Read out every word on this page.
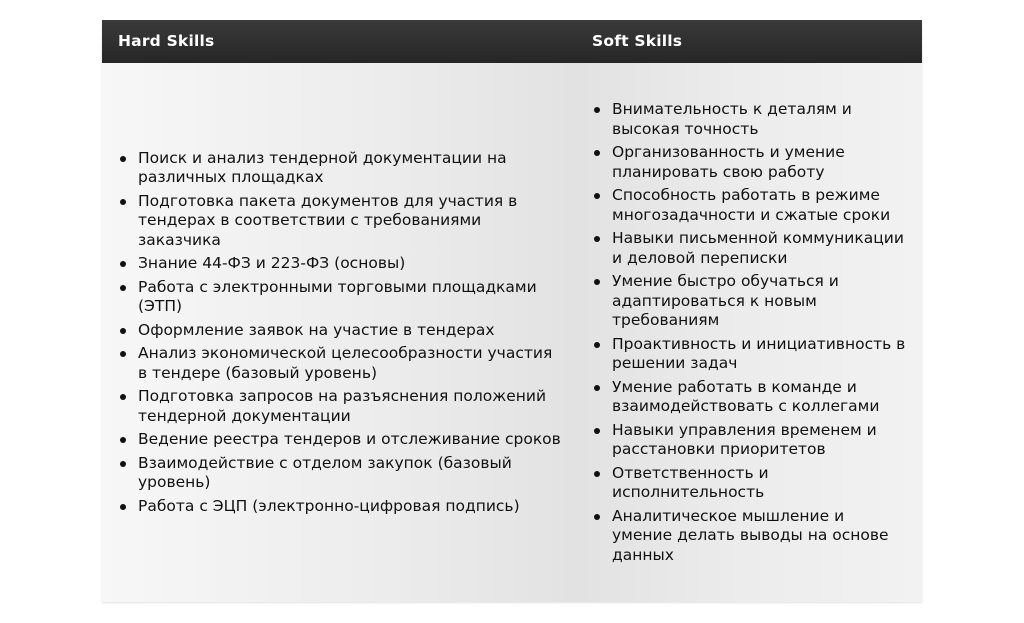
Hard Skills	Soft Skills
Поиск и анализ тендерной документации на различных площадках
Подготовка пакета документов для участия в тендерах в соответствии с требованиями заказчика
Знание 44-ФЗ и 223-ФЗ (основы)
Работа с электронными торговыми площадками (ЭТП)
Оформление заявок на участие в тендерах
Анализ экономической целесообразности участия в тендере (базовый уровень)
Подготовка запросов на разъяснения положений тендерной документации
Ведение реестра тендеров и отслеживание сроков
Взаимодействие с отделом закупок (базовый уровень)
Работа с ЭЦП (электронно-цифровая подпись)
Внимательность к деталям и высокая точность
Организованность и умение планировать свою работу
Способность работать в режиме многозадачности и сжатые сроки
Навыки письменной коммуникации и деловой переписки
Умение быстро обучаться и адаптироваться к новым требованиям
Проактивность и инициативность в решении задач
Умение работать в команде и взаимодействовать с коллегами
Навыки управления временем и расстановки приоритетов
Ответственность и исполнительность
Аналитическое мышление и умение делать выводы на основе данных
